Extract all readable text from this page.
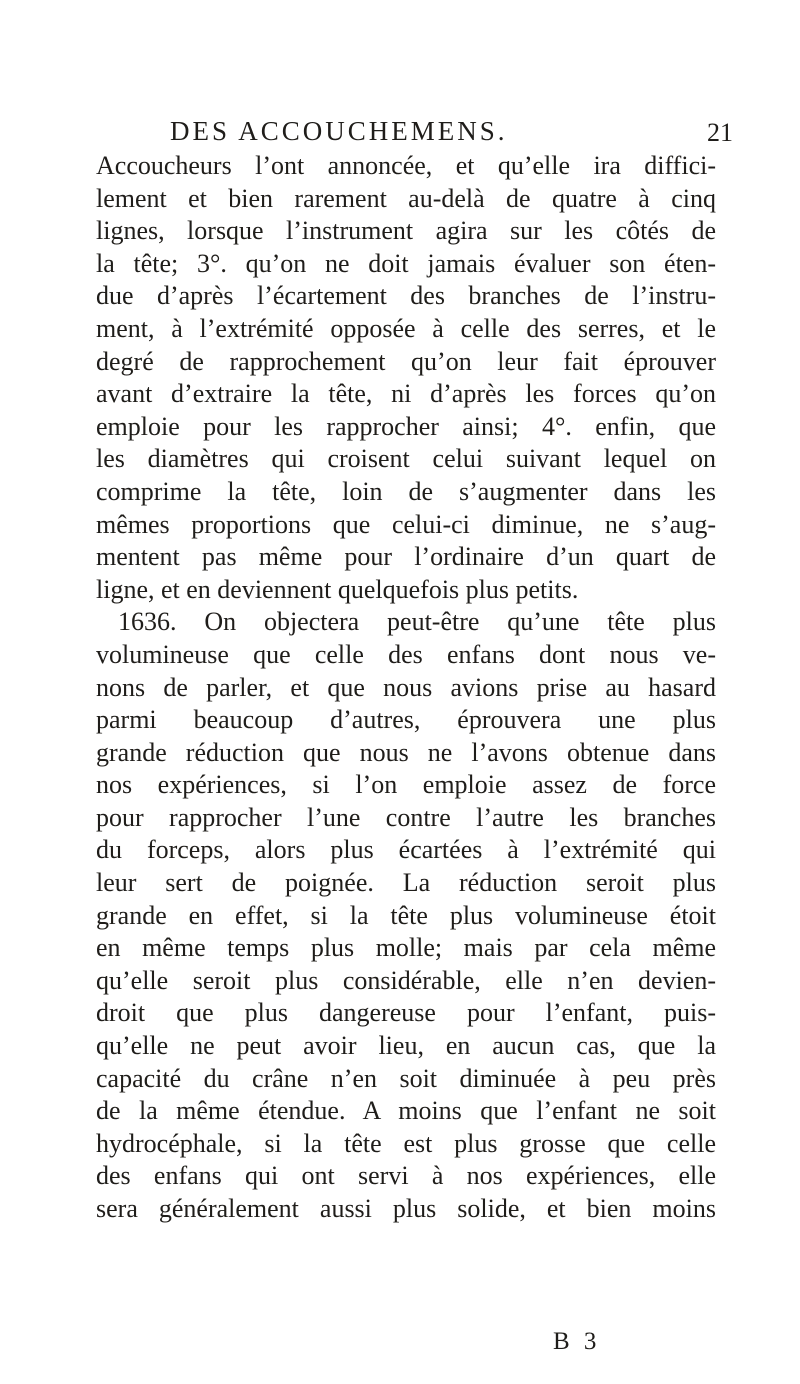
DES ACCOUCHEMENS.	21
Accoucheurs l’ont annoncée, et qu’elle ira diffici-
lement et bien rarement au-delà de quatre à cinq
lignes, lorsque l’instrument agira sur les côtés de
la tête; 3°. qu’on ne doit jamais évaluer son éten-
due d’après l’écartement des branches de l’instru-
ment, à l’extrémité opposée à celle des serres, et le
degré de rapprochement qu’on leur fait éprouver
avant d’extraire la tête, ni d’après les forces qu’on
emploie pour les rapprocher ainsi; 4°. enfin, que
les diamètres qui croisent celui suivant lequel on
comprime la tête, loin de s’augmenter dans les
mêmes proportions que celui-ci diminue, ne s’aug-
mentent pas même pour l’ordinaire d’un quart de
ligne, et en deviennent quelquefois plus petits.
1636. On objectera peut-être qu’une tête plus
volumineuse que celle des enfans dont nous ve-
nons de parler, et que nous avions prise au hasard
parmi beaucoup d’autres, éprouvera une plus
grande réduction que nous ne l’avons obtenue dans
nos expériences, si l’on emploie assez de force
pour rapprocher l’une contre l’autre les branches
du forceps, alors plus écartées à l’extrémité qui
leur sert de poignée. La réduction seroit plus
grande en effet, si la tête plus volumineuse étoit
en même temps plus molle; mais par cela même
qu’elle seroit plus considérable, elle n’en devien-
droit que plus dangereuse pour l’enfant, puis-
qu’elle ne peut avoir lieu, en aucun cas, que la
capacité du crâne n’en soit diminuée à peu près
de la même étendue. A moins que l’enfant ne soit
hydrocéphale, si la tête est plus grosse que celle
des enfans qui ont servi à nos expériences, elle
sera généralement aussi plus solide, et bien moins
B 3
